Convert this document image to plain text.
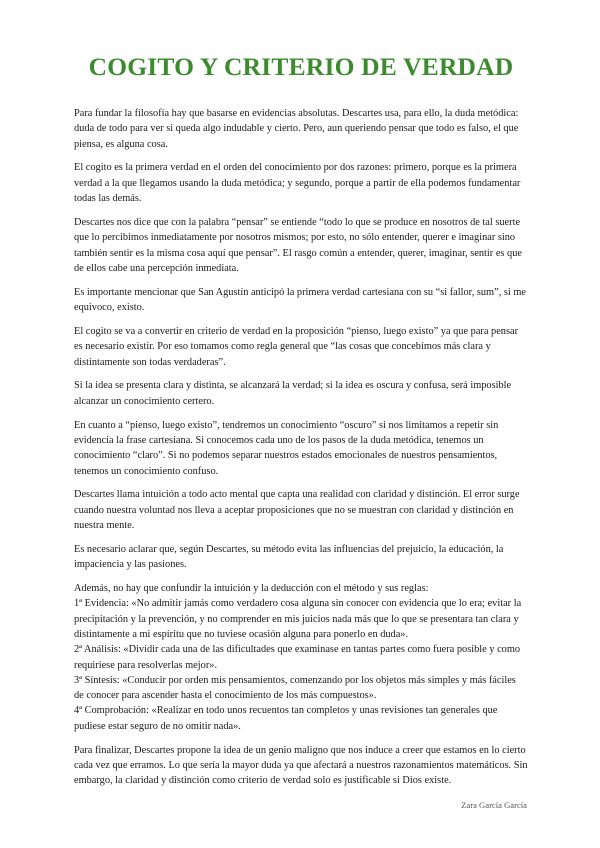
COGITO Y CRITERIO DE VERDAD

Para fundar la filosofía hay que basarse en evidencias absolutas. Descartes usa, para ello, la duda metódica: duda de todo para ver si queda algo indudable y cierto. Pero, aun queriendo pensar que todo es falso, el que piensa, es alguna cosa.

El cogito es la primera verdad en el orden del conocimiento por dos razones: primero, porque es la primera verdad a la que llegamos usando la duda metódica; y segundo, porque a partir de ella podemos fundamentar todas las demás.

Descartes nos dice que con la palabra “pensar” se entiende “todo lo que se produce en nosotros de tal suerte que lo percibimos inmediatamente por nosotros mismos; por esto, no sólo entender, querer e imaginar sino también sentir es la misma cosa aquí que pensar”. El rasgo común a entender, querer, imaginar, sentir es que de ellos cabe una percepción inmediata.

Es importante mencionar que San Agustín anticipó la primera verdad cartesiana con su “si fallor, sum”, si me equivoco, existo.

El cogito se va a convertir en criterio de verdad en la proposición “pienso, luego existo” ya que para pensar es necesario existir. Por eso tomamos como regla general que “las cosas que concebimos más clara y distintamente son todas verdaderas”.

Si la idea se presenta clara y distinta, se alcanzará la verdad; si la idea es oscura y confusa, será imposible alcanzar un conocimiento certero.

En cuanto a “pienso, luego existo”, tendremos un conocimiento “oscuro” si nos limitamos a repetir sin evidencia la frase cartesiana. Si conocemos cada uno de los pasos de la duda metódica, tenemos un conocimiento “claro”. Si no podemos separar nuestros estados emocionales de nuestros pensamientos, tenemos un conocimiento confuso.

Descartes llama intuición a todo acto mental que capta una realidad con claridad y distinción. El error surge cuando nuestra voluntad nos lleva a aceptar proposiciones que no se muestran con claridad y distinción en nuestra mente.

Es necesario aclarar que, según Descartes, su método evita las influencias del prejuicio, la educación, la impaciencia y las pasiones.

Además, no hay que confundir la intuición y la deducción con el método y sus reglas:

1ª Evidencia: «No admitir jamás como verdadero cosa alguna sin conocer con evidencia que lo era; evitar la precipitación y la prevención, y no comprender en mis juicios nada más que lo que se presentara tan clara y distintamente a mi espíritu que no tuviese ocasión alguna para ponerlo en duda».

2ª Análisis: «Dividir cada una de las dificultades que examinase en tantas partes como fuera posible y como requiriese para resolverlas mejor».

3ª Síntesis: «Conducir por orden mis pensamientos, comenzando por los objetos más simples y más fáciles de conocer para ascender hasta el conocimiento de los más compuestos».

4ª Comprobación: «Realizar en todo unos recuentos tan completos y unas revisiones tan generales que pudiese estar seguro de no omitir nada».

Para finalizar, Descartes propone la idea de un genio maligno que nos induce a creer que estamos en lo cierto cada vez que erramos. Lo que sería la mayor duda ya que afectará a nuestros razonamientos matemáticos. Sin embargo, la claridad y distinción como criterio de verdad solo es justificable si Dios existe.

Zara García García
